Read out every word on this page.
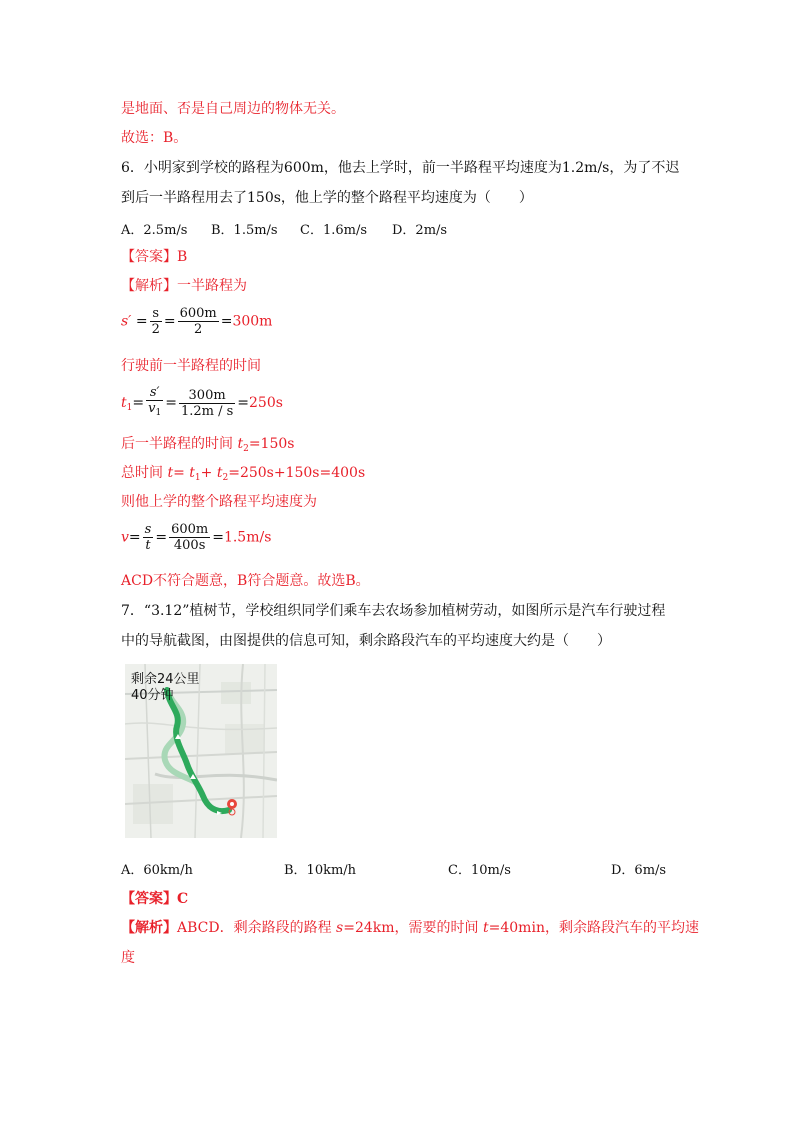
是地面、否是自己周边的物体无关。
故选：B。
6．小明家到学校的路程为600m，他去上学时，前一半路程平均速度为1.2m/s，为了不迟
到后一半路程用去了150s，他上学的整个路程平均速度为（　　）
A．2.5m/s B．1.5m/s C．1.6m/s D．2m/s
【答案】B
【解析】一半路程为
$s' = \frac{s}{2} = \frac{600m}{2} =300m$
行驶前一半路程的时间
$t_1= \frac{s'}{v_1} = \frac{300m}{1.2m / s} =250s$
后一半路程的时间 $t_2=150s$
总时间 $t= t_1+ t_2=250s+150s=400s$
则他上学的整个路程平均速度为
$v= \frac{s}{t} = \frac{600m}{400s} =1.5m/s$
ACD不符合题意，B符合题意。故选B。
7．“3.12”植树节，学校组织同学们乘车去农场参加植树劳动，如图所示是汽车行驶过程
中的导航截图，由图提供的信息可知，剩余路段汽车的平均速度大约是（　　）
剩余24公里
40分钟
A．60km/h	B．10km/h	C．10m/s	D．6m/s
【答案】C
【解析】ABCD．剩余路段的路程 s=24km，需要的时间 t=40min，剩余路段汽车的平均速
度
